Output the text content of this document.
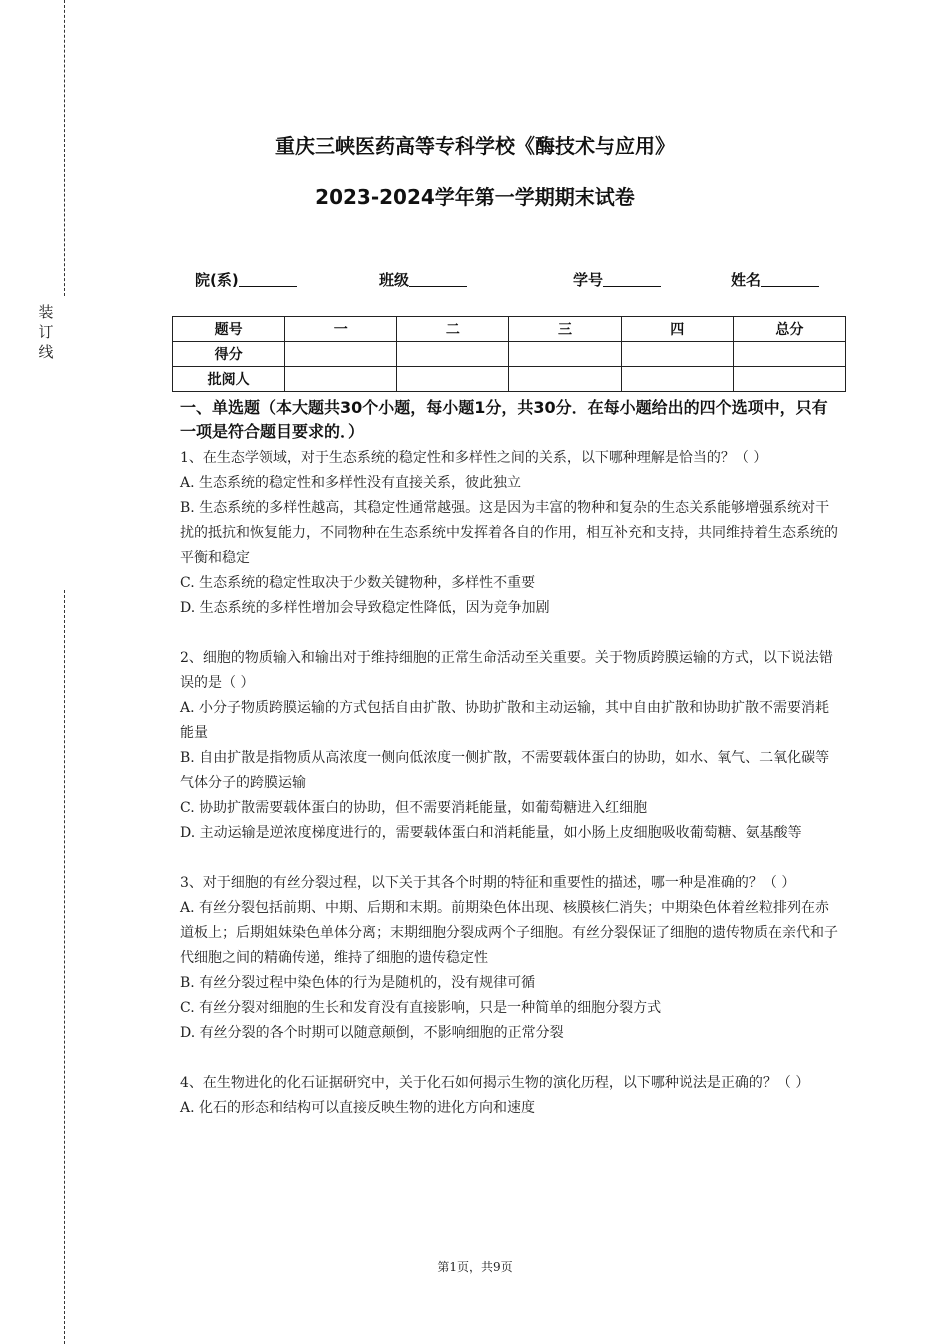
装订线
重庆三峡医药高等专科学校《酶技术与应用》
2023-2024学年第一学期期末试卷
院(系)	班级	学号	姓名
题号	一	二	三	四	总分
得分					
批阅人					
一、单选题（本大题共30个小题，每小题1分，共30分．在每小题给出的四个选项中，只有一项是符合题目要求的．）

1、在生态学领域，对于生态系统的稳定性和多样性之间的关系，以下哪种理解是恰当的？（ ）

A. 生态系统的稳定性和多样性没有直接关系，彼此独立

B. 生态系统的多样性越高，其稳定性通常越强。这是因为丰富的物种和复杂的生态关系能够增强系统对干扰的抵抗和恢复能力，不同物种在生态系统中发挥着各自的作用，相互补充和支持，共同维持着生态系统的平衡和稳定

C. 生态系统的稳定性取决于少数关键物种，多样性不重要

D. 生态系统的多样性增加会导致稳定性降低，因为竞争加剧

2、细胞的物质输入和输出对于维持细胞的正常生命活动至关重要。关于物质跨膜运输的方式，以下说法错误的是（ ）

A. 小分子物质跨膜运输的方式包括自由扩散、协助扩散和主动运输，其中自由扩散和协助扩散不需要消耗能量

B. 自由扩散是指物质从高浓度一侧向低浓度一侧扩散，不需要载体蛋白的协助，如水、氧气、二氧化碳等气体分子的跨膜运输

C. 协助扩散需要载体蛋白的协助，但不需要消耗能量，如葡萄糖进入红细胞

D. 主动运输是逆浓度梯度进行的，需要载体蛋白和消耗能量，如小肠上皮细胞吸收葡萄糖、氨基酸等

3、对于细胞的有丝分裂过程，以下关于其各个时期的特征和重要性的描述，哪一种是准确的？（ ）

A. 有丝分裂包括前期、中期、后期和末期。前期染色体出现、核膜核仁消失；中期染色体着丝粒排列在赤道板上；后期姐妹染色单体分离；末期细胞分裂成两个子细胞。有丝分裂保证了细胞的遗传物质在亲代和子代细胞之间的精确传递，维持了细胞的遗传稳定性

B. 有丝分裂过程中染色体的行为是随机的，没有规律可循

C. 有丝分裂对细胞的生长和发育没有直接影响，只是一种简单的细胞分裂方式

D. 有丝分裂的各个时期可以随意颠倒，不影响细胞的正常分裂

4、在生物进化的化石证据研究中，关于化石如何揭示生物的演化历程，以下哪种说法是正确的？（ ）

A. 化石的形态和结构可以直接反映生物的进化方向和速度

第1页，共9页
